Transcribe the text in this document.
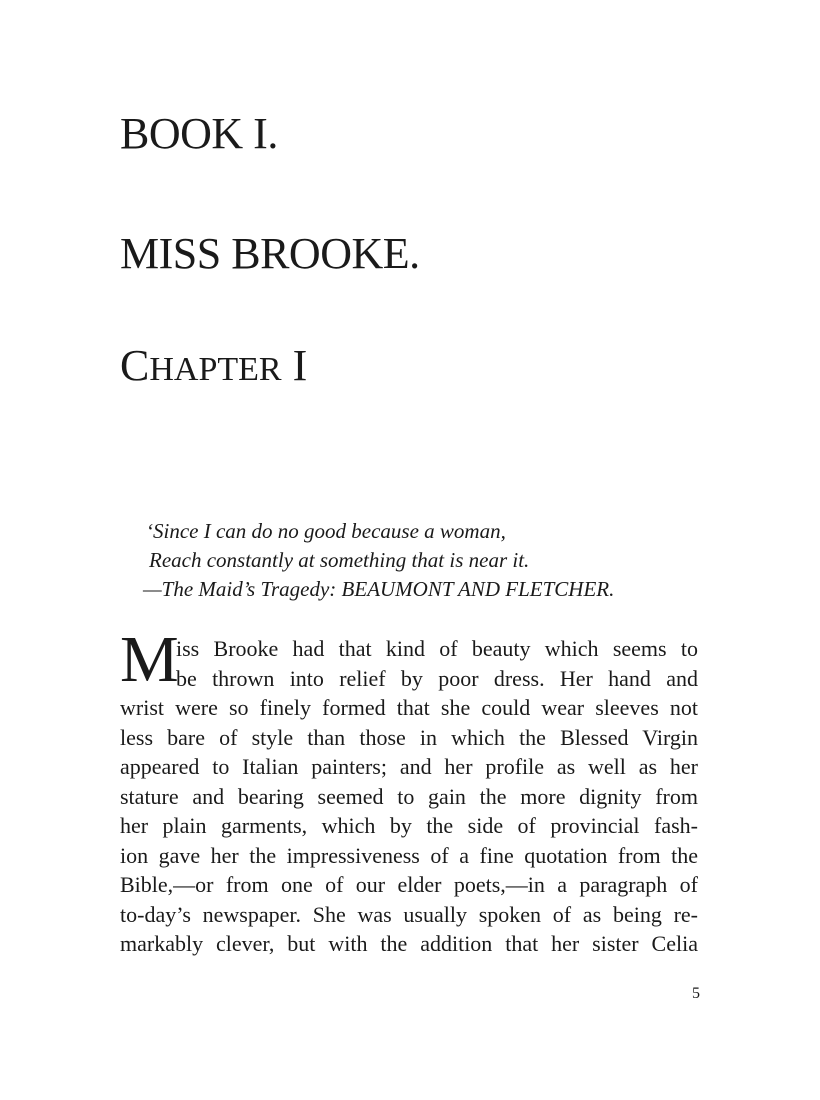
BOOK I.
MISS BROOKE.
CHAPTER I
‘Since I can do no good because a woman,
Reach constantly at something that is near it.
—The Maid’s Tragedy: BEAUMONT AND FLETCHER.
M
iss Brooke had that kind of beauty which seems to
be thrown into relief by poor dress. Her hand and
wrist were so finely formed that she could wear sleeves not
less bare of style than those in which the Blessed Virgin
appeared to Italian painters; and her profile as well as her
stature and bearing seemed to gain the more dignity from
her plain garments, which by the side of provincial fash-
ion gave her the impressiveness of a fine quotation from the
Bible,—or from one of our elder poets,—in a paragraph of
to-day’s newspaper. She was usually spoken of as being re-
markably clever, but with the addition that her sister Celia
5
